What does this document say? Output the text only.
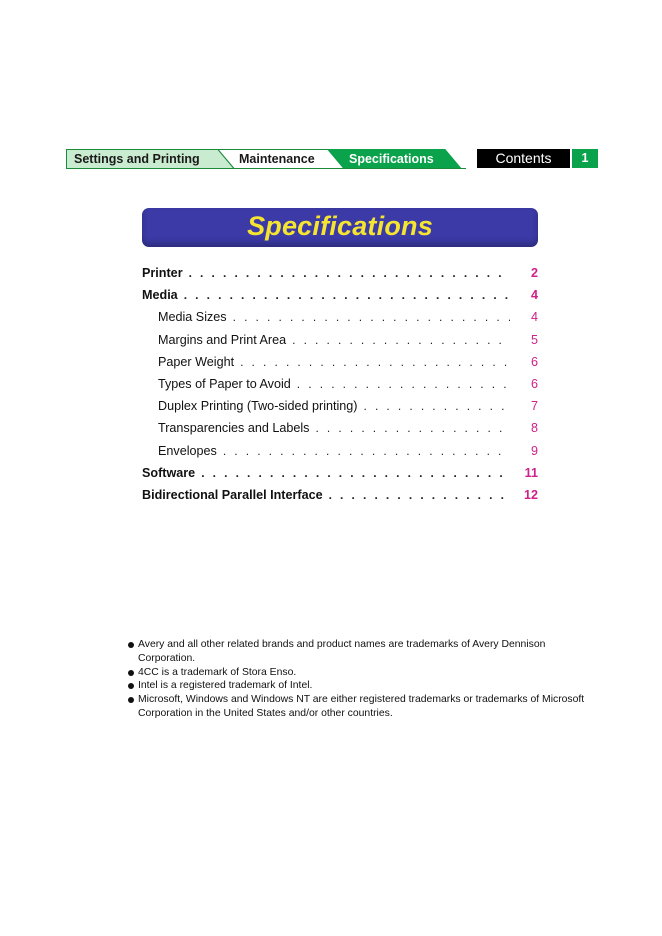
Settings and Printing	Maintenance	Specifications	Contents	1
Specifications
Printer . . .	2
Media . . .	4
Media Sizes . . .	4
Margins and Print Area . . .	5
Paper Weight . . .	6
Types of Paper to Avoid . . .	6
Duplex Printing (Two-sided printing) . . .	7
Transparencies and Labels . . .	8
Envelopes . . .	9
Software . . .	11
Bidirectional Parallel Interface . . .	12
Avery and all other related brands and product names are trademarks of Avery Dennison Corporation.
4CC is a trademark of Stora Enso.
Intel is a registered trademark of Intel.
Microsoft, Windows and Windows NT are either registered trademarks or trademarks of Microsoft Corporation in the United States and/or other countries.
